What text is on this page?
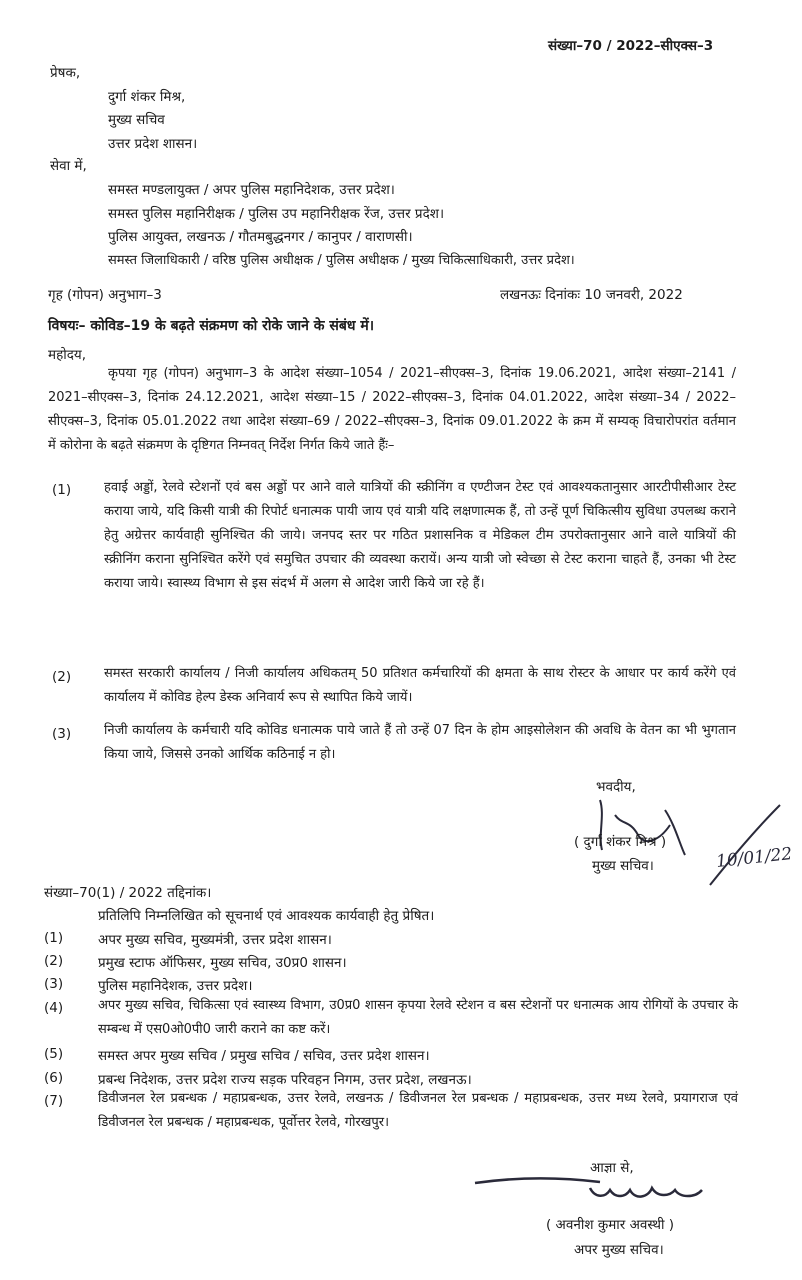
संख्या–70 / 2022–सीएक्स–3
प्रेषक,
दुर्गा शंकर मिश्र,
मुख्य सचिव
उत्तर प्रदेश शासन।
सेवा में,
समस्त मण्डलायुक्त / अपर पुलिस महानिदेशक, उत्तर प्रदेश।
समस्त पुलिस महानिरीक्षक / पुलिस उप महानिरीक्षक रेंज, उत्तर प्रदेश।
पुलिस आयुक्त, लखनऊ / गौतमबुद्धनगर / कानुपर / वाराणसी।
समस्त जिलाधिकारी / वरिष्ठ पुलिस अधीक्षक / पुलिस अधीक्षक / मुख्य चिकित्साधिकारी, उत्तर प्रदेश।
गृह (गोपन) अनुभाग–3	लखनऊः दिनांकः 10 जनवरी, 2022
विषयः– कोविड–19 के बढ़ते संक्रमण को रोके जाने के संबंध में।
महोदय,
कृपया गृह (गोपन) अनुभाग–3 के आदेश संख्या–1054 / 2021–सीएक्स–3, दिनांक 19.06.2021, आदेश संख्या–2141 / 2021–सीएक्स–3, दिनांक 24.12.2021, आदेश संख्या–15 / 2022–सीएक्स–3, दिनांक 04.01.2022, आदेश संख्या–34 / 2022–सीएक्स–3, दिनांक 05.01.2022 तथा आदेश संख्या–69 / 2022–सीएक्स–3, दिनांक 09.01.2022 के क्रम में सम्यक् विचारोपरांत वर्तमान में कोरोना के बढ़ते संक्रमण के दृष्टिगत निम्नवत् निर्देश निर्गत किये जाते हैंः–
(1)	हवाई अड्डों, रेलवे स्टेशनों एवं बस अड्डों पर आने वाले यात्रियों की स्क्रीनिंग व एण्टीजन टेस्ट एवं आवश्यकतानुसार आरटीपीसीआर टेस्ट कराया जाये, यदि किसी यात्री की रिपोर्ट धनात्मक पायी जाय एवं यात्री यदि लक्षणात्मक हैं, तो उन्हें पूर्ण चिकित्सीय सुविधा उपलब्ध कराने हेतु अग्रेत्तर कार्यवाही सुनिश्चित की जाये। जनपद स्तर पर गठित प्रशासनिक व मेडिकल टीम उपरोक्तानुसार आने वाले यात्रियों की स्क्रीनिंग कराना सुनिश्चित करेंगे एवं समुचित उपचार की व्यवस्था करायें। अन्य यात्री जो स्वेच्छा से टेस्ट कराना चाहते हैं, उनका भी टेस्ट कराया जाये। स्वास्थ्य विभाग से इस संदर्भ में अलग से आदेश जारी किये जा रहे हैं।
(2)	समस्त सरकारी कार्यालय / निजी कार्यालय अधिकतम् 50 प्रतिशत कर्मचारियों की क्षमता के साथ रोस्टर के आधार पर कार्य करेंगे एवं कार्यालय में कोविड हेल्प डेस्क अनिवार्य रूप से स्थापित किये जायें।
(3)	निजी कार्यालय के कर्मचारी यदि कोविड धनात्मक पाये जाते हैं तो उन्हें 07 दिन के होम आइसोलेशन की अवधि के वेतन का भी भुगतान किया जाये, जिससे उनको आर्थिक कठिनाई न हो।
भवदीय,
( दुर्गा शंकर मिश्र )
मुख्य सचिव।	10/01/22
संख्या–70(1) / 2022 तद्दिनांक।
प्रतिलिपि निम्नलिखित को सूचनार्थ एवं आवश्यक कार्यवाही हेतु प्रेषित।
(1)	अपर मुख्य सचिव, मुख्यमंत्री, उत्तर प्रदेश शासन।
(2)	प्रमुख स्टाफ ऑफिसर, मुख्य सचिव, उ0प्र0 शासन।
(3)	पुलिस महानिदेशक, उत्तर प्रदेश।
(4)	अपर मुख्य सचिव, चिकित्सा एवं स्वास्थ्य विभाग, उ0प्र0 शासन कृपया रेलवे स्टेशन व बस स्टेशनों पर धनात्मक आय रोगियों के उपचार के सम्बन्ध में एस0ओ0पी0 जारी कराने का कष्ट करें।
(5)	समस्त अपर मुख्य सचिव / प्रमुख सचिव / सचिव, उत्तर प्रदेश शासन।
(6)	प्रबन्ध निदेशक, उत्तर प्रदेश राज्य सड़क परिवहन निगम, उत्तर प्रदेश, लखनऊ।
(7)	डिवीजनल रेल प्रबन्धक / महाप्रबन्धक, उत्तर रेलवे, लखनऊ / डिवीजनल रेल प्रबन्धक / महाप्रबन्धक, उत्तर मध्य रेलवे, प्रयागराज एवं डिवीजनल रेल प्रबन्धक / महाप्रबन्धक, पूर्वोत्तर रेलवे, गोरखपुर।
आज्ञा से,
( अवनीश कुमार अवस्थी )
अपर मुख्य सचिव।
